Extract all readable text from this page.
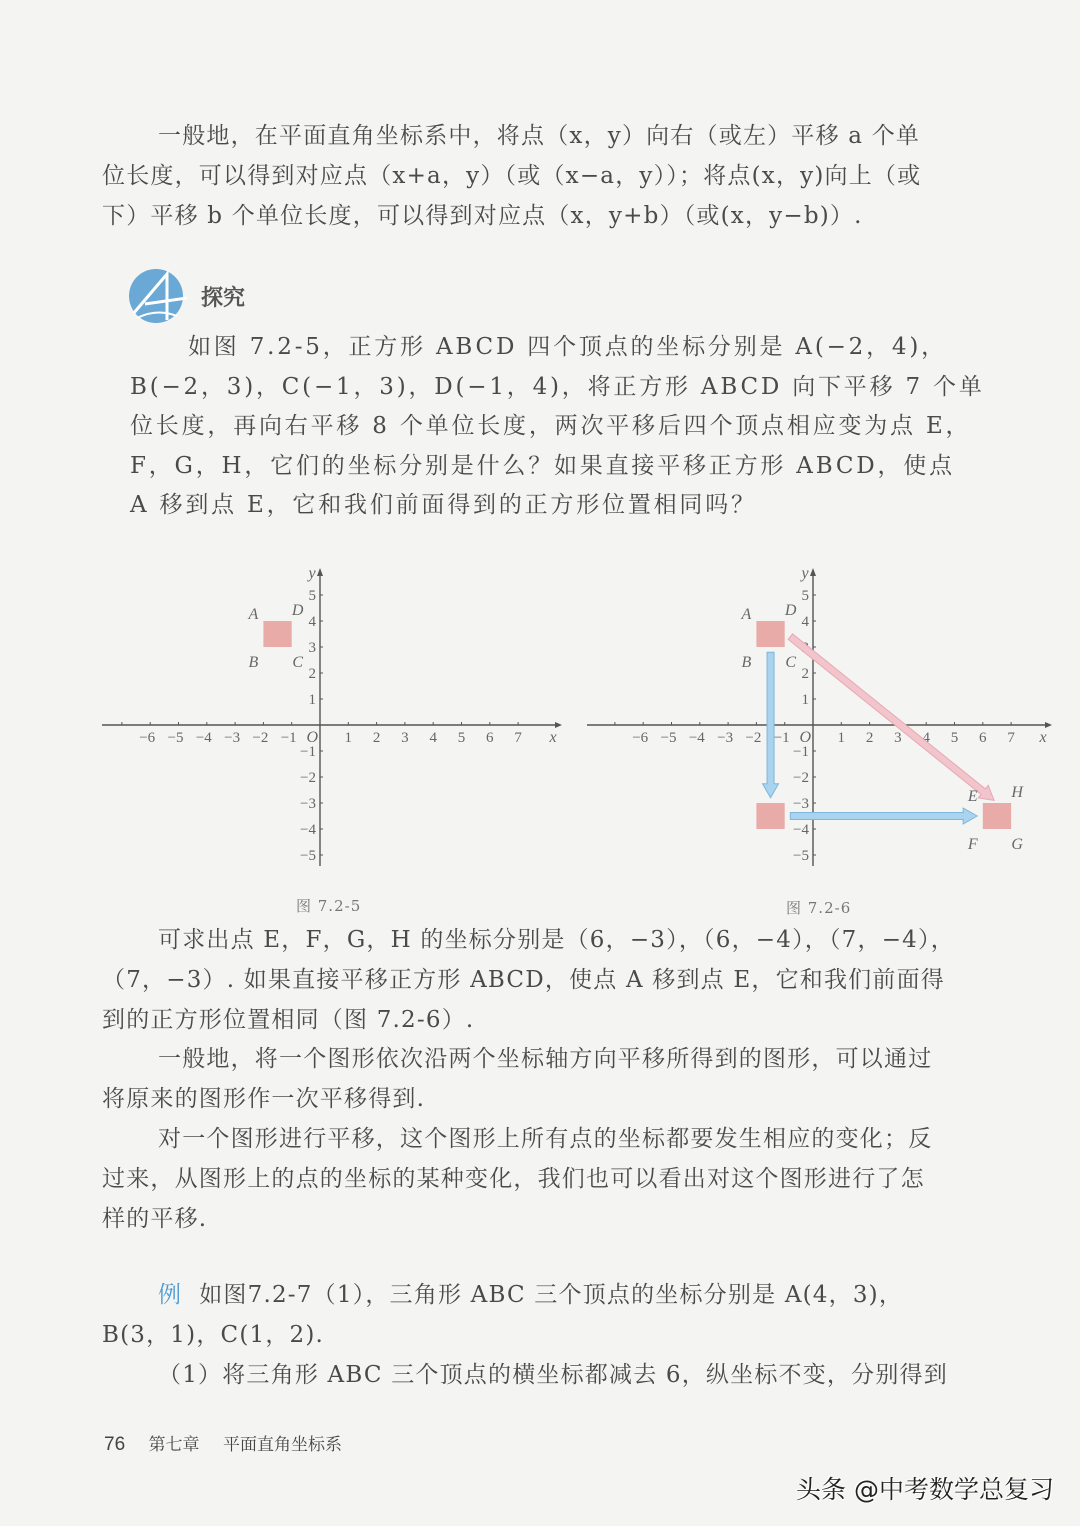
一般地，在平面直角坐标系中，将点（x，y）向右（或左）平移 a 个单
位长度，可以得到对应点（x+a，y）（或（x−a，y））；将点(x，y)向上（或
下）平移 b 个单位长度，可以得到对应点（x，y+b）（或(x，y−b)）.
探究
如图 7.2-5，正方形 ABCD 四个顶点的坐标分别是 A(−2，4)，
B(−2，3)，C(−1，3)，D(−1，4)，将正方形 ABCD 向下平移 7 个单
位长度，再向右平移 8 个单位长度，两次平移后四个顶点相应变为点 E，
F，G，H，它们的坐标分别是什么？如果直接平移正方形 ABCD，使点
A 移到点 E，它和我们前面得到的正方形位置相同吗？
−6 −5 −4 −3 −2 −1	1 2 3 4 5 6 7
5
4
3
2
1
−1
−2
−3
−4
−5
O	x
y
A
B C
D
图 7.2-5
−6 −5 −4 −3 −2 −1	1 2 3 4 5 6 7
5
4
2
1
−1
−2
−3
−4
−5
O	x
y
A
B C
D
E
F G
H
图 7.2-6
可求出点 E，F，G，H 的坐标分别是（6，−3），（6，−4），（7，−4），
（7，−3）. 如果直接平移正方形 ABCD，使点 A 移到点 E，它和我们前面得
到的正方形位置相同（图 7.2-6）.
一般地，将一个图形依次沿两个坐标轴方向平移所得到的图形，可以通过
将原来的图形作一次平移得到.
对一个图形进行平移，这个图形上所有点的坐标都要发生相应的变化；反
过来，从图形上的点的坐标的某种变化，我们也可以看出对这个图形进行了怎
样的平移.
例 如图7.2-7（1），三角形 ABC 三个顶点的坐标分别是 A(4，3)，
B(3，1)，C(1，2).
（1）将三角形 ABC 三个顶点的横坐标都减去 6，纵坐标不变，分别得到
76 第七章 平面直角坐标系
头条 @中考数学总复习
